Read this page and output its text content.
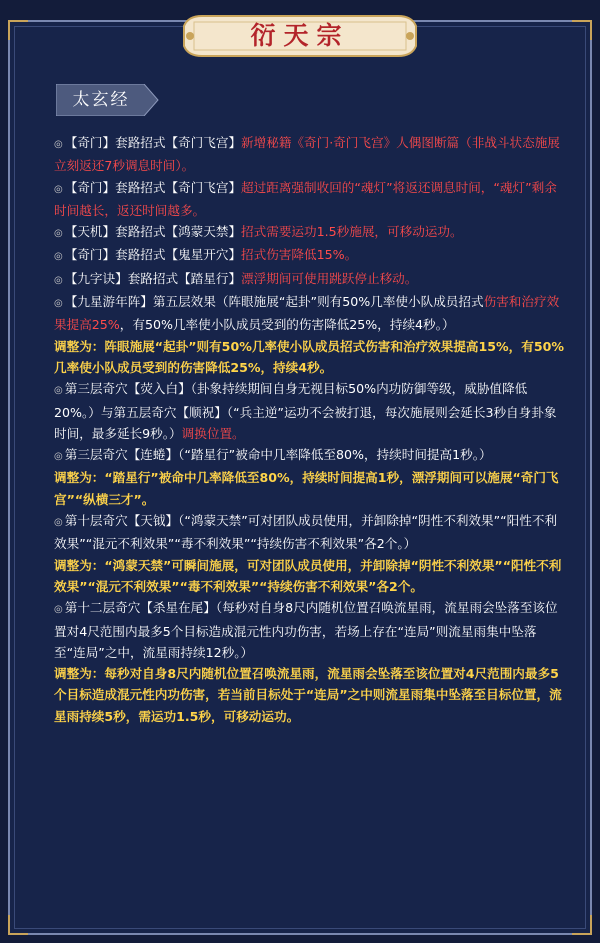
衍天宗
太玄经

◎ 【奇门】套路招式【奇门飞宫】新增秘籍《奇门·奇门飞宫》人偶图断篇（非战斗状态施展立刻返还7秒调息时间）。

◎ 【奇门】套路招式【奇门飞宫】超过距离强制收回的“魂灯”将返还调息时间，“魂灯”剩余时间越长，返还时间越多。

◎ 【天机】套路招式【鸿蒙天禁】招式需要运功1.5秒施展，可移动运功。

◎ 【奇门】套路招式【鬼星开穴】招式伤害降低15%。

◎ 【九字诀】套路招式【踏星行】漂浮期间可使用跳跃停止移动。

◎ 【九星游年阵】第五层效果（阵眼施展“起卦”则有50%几率使小队成员招式伤害和治疗效果提高25%，有50%几率使小队成员受到的伤害降低25%，持续4秒。）

调整为：阵眼施展“起卦”则有50%几率使小队成员招式伤害和治疗效果提高15%，有50%几率使小队成员受到的伤害降低25%，持续4秒。

◎ 第三层奇穴【荧入白】（卦象持续期间自身无视目标50%内功防御等级，威胁值降低20%。）与第五层奇穴【顺祝】（“兵主逆”运功不会被打退，每次施展则会延长3秒自身卦象时间，最多延长9秒。）调换位置。

◎ 第三层奇穴【连蜷】（“踏星行”被命中几率降低至80%，持续时间提高1秒。）

调整为：“踏星行”被命中几率降低至80%，持续时间提高1秒，漂浮期间可以施展“奇门飞宫”“纵横三才”。

◎ 第十层奇穴【天钺】（“鸿蒙天禁”可对团队成员使用，并卸除掉“阴性不利效果”“阳性不利效果”“混元不利效果”“毒不利效果”“持续伤害不利效果”各2个。）

调整为：“鸿蒙天禁”可瞬间施展，可对团队成员使用，并卸除掉“阴性不利效果”“阳性不利效果”“混元不利效果”“毒不利效果”“持续伤害不利效果”各2个。

◎ 第十二层奇穴【杀星在尾】（每秒对自身8尺内随机位置召唤流星雨，流星雨会坠落至该位置对4尺范围内最多5个目标造成混元性内功伤害，若场上存在“连局”则流星雨集中坠落至“连局”之中，流星雨持续12秒。）

调整为：每秒对自身8尺内随机位置召唤流星雨，流星雨会坠落至该位置对4尺范围内最多5个目标造成混元性内功伤害，若当前目标处于“连局”之中则流星雨集中坠落至目标位置，流星雨持续5秒，需运功1.5秒，可移动运功。
